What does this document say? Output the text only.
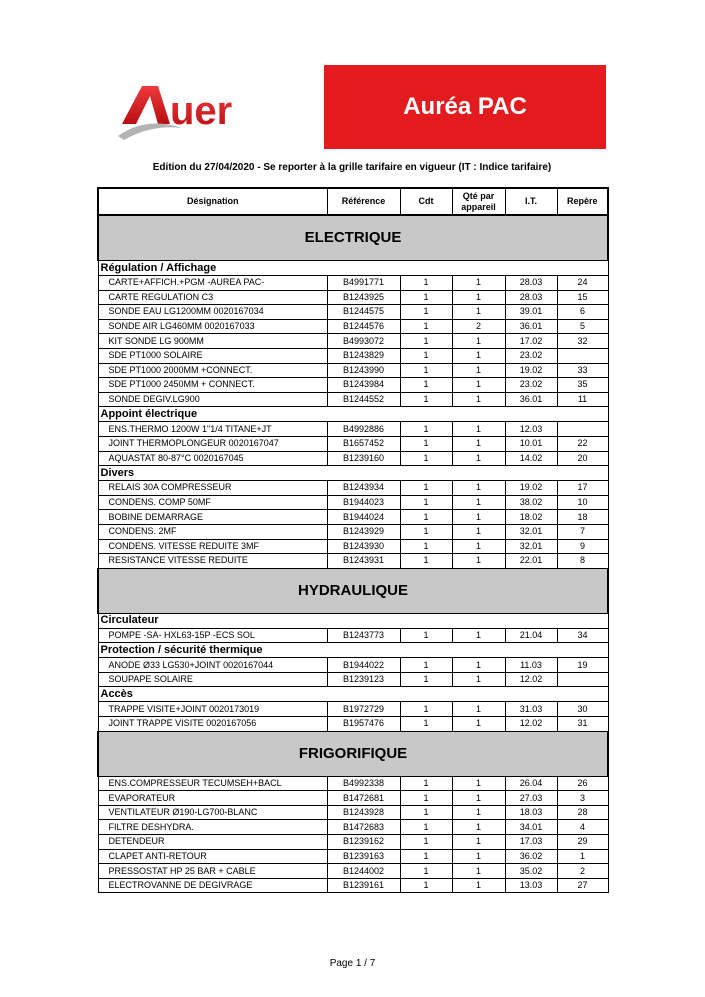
uer	Auréa PAC
Edition du 27/04/2020 - Se reporter à la grille tarifaire en vigueur (IT : Indice tarifaire)
Désignation	Référence	Cdt	Qté par appareil	I.T.	Repère
ELECTRIQUE					
Régulation / Affichage					
CARTE+AFFICH.+PGM -AUREA PAC-	B4991771	1	1	28.03	24
CARTE REGULATION C3	B1243925	1	1	28.03	15
SONDE EAU LG1200MM 0020167034	B1244575	1	1	39.01	6
SONDE AIR LG460MM 0020167033	B1244576	1	2	36.01	5
KIT SONDE LG 900MM	B4993072	1	1	17.02	32
SDE PT1000 SOLAIRE	B1243829	1	1	23.02	
SDE PT1000 2000MM +CONNECT.	B1243990	1	1	19.02	33
SDE PT1000 2450MM + CONNECT.	B1243984	1	1	23.02	35
SONDE DEGIV.LG900	B1244552	1	1	36.01	11
Appoint électrique					
ENS.THERMO 1200W 1"1/4 TITANE+JT	B4992886	1	1	12.03	
JOINT THERMOPLONGEUR 0020167047	B1657452	1	1	10.01	22
AQUASTAT 80-87°C 0020167045	B1239160	1	1	14.02	20
Divers					
RELAIS 30A COMPRESSEUR	B1243934	1	1	19.02	17
CONDENS. COMP 50MF	B1944023	1	1	38.02	10
BOBINE DEMARRAGE	B1944024	1	1	18.02	18
CONDENS. 2MF	B1243929	1	1	32.01	7
CONDENS. VITESSE REDUITE 3MF	B1243930	1	1	32.01	9
RESISTANCE VITESSE REDUITE	B1243931	1	1	22.01	8
HYDRAULIQUE					
Circulateur					
POMPE -SA- HXL63-15P -ECS SOL	B1243773	1	1	21.04	34
Protection / sécurité thermique					
ANODE Ø33 LG530+JOINT 0020167044	B1944022	1	1	11.03	19
SOUPAPE SOLAIRE	B1239123	1	1	12.02	
Accès					
TRAPPE VISITE+JOINT 0020173019	B1972729	1	1	31.03	30
JOINT TRAPPE VISITE 0020167056	B1957476	1	1	12.02	31
FRIGORIFIQUE					
ENS.COMPRESSEUR TECUMSEH+BACL	B4992338	1	1	26.04	26
EVAPORATEUR	B1472681	1	1	27.03	3
VENTILATEUR Ø190-LG700-BLANC	B1243928	1	1	18.03	28
FILTRE DESHYDRA.	B1472683	1	1	34.01	4
DETENDEUR	B1239162	1	1	17.03	29
CLAPET ANTI-RETOUR	B1239163	1	1	36.02	1
PRESSOSTAT HP 25 BAR + CABLE	B1244002	1	1	35.02	2
ELECTROVANNE DE DEGIVRAGE	B1239161	1	1	13.03	27
Page 1 / 7
